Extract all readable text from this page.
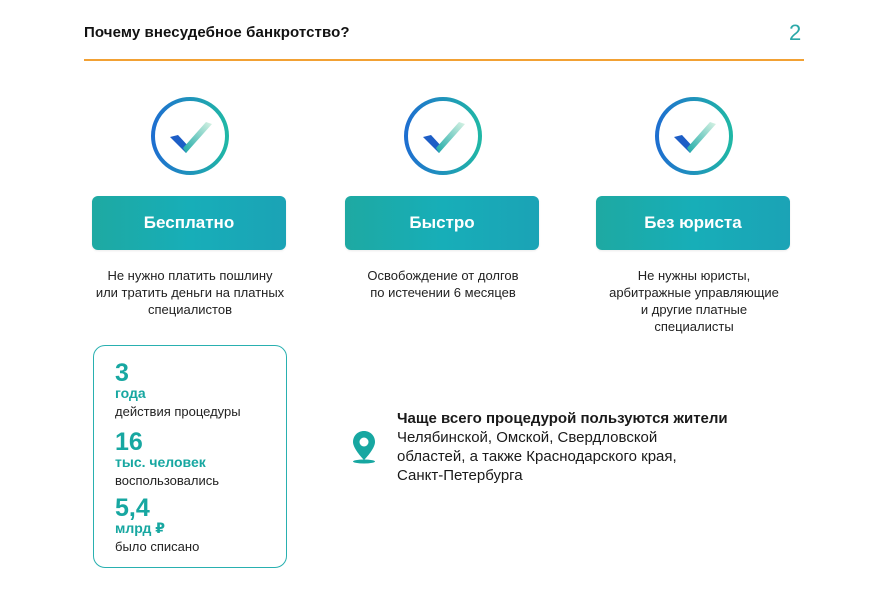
Почему внесудебное банкротство?	2
Бесплатно
Не нужно платить пошлину
или тратить деньги на платных
специалистов
Быстро
Освобождение от долгов
по истечении 6 месяцев
Без юриста
Не нужны юристы,
арбитражные управляющие
и другие платные
специалисты
3
года
действия процедуры
16
тыс. человек
воспользовались
5,4
млрд ₽
было списано
Чаще всего процедурой пользуются жители
Челябинской, Омской, Свердловской
областей, а также Краснодарского края,
Санкт-Петербурга
